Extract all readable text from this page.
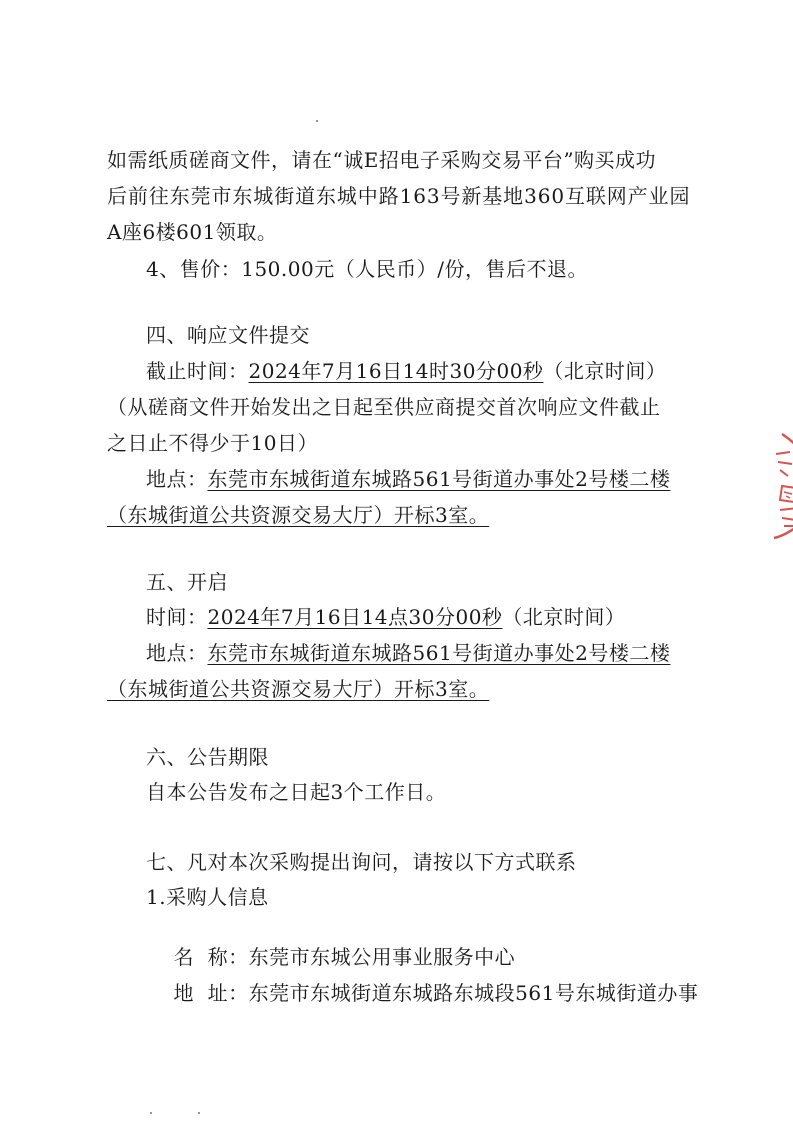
如需纸质磋商文件，请在“诚E招电子采购交易平台”购买成功
后前往东莞市东城街道东城中路163号新基地360互联网产业园
A座6楼601领取。
4、售价：150.00元（人民币）/份，售后不退。
四、响应文件提交
截止时间：2024年7月16日14时30分00秒（北京时间）
（从磋商文件开始发出之日起至供应商提交首次响应文件截止
之日止不得少于10日）
地点：东莞市东城街道东城路561号街道办事处2号楼二楼
（东城街道公共资源交易大厅）开标3室。
五、开启
时间：2024年7月16日14点30分00秒（北京时间）
地点：东莞市东城街道东城路561号街道办事处2号楼二楼
（东城街道公共资源交易大厅）开标3室。
六、公告期限
自本公告发布之日起3个工作日。
七、凡对本次采购提出询问，请按以下方式联系
1.采购人信息

名  称：东莞市东城公用事业服务中心

地  址：东莞市东城街道东城路东城段561号东城街道办事
